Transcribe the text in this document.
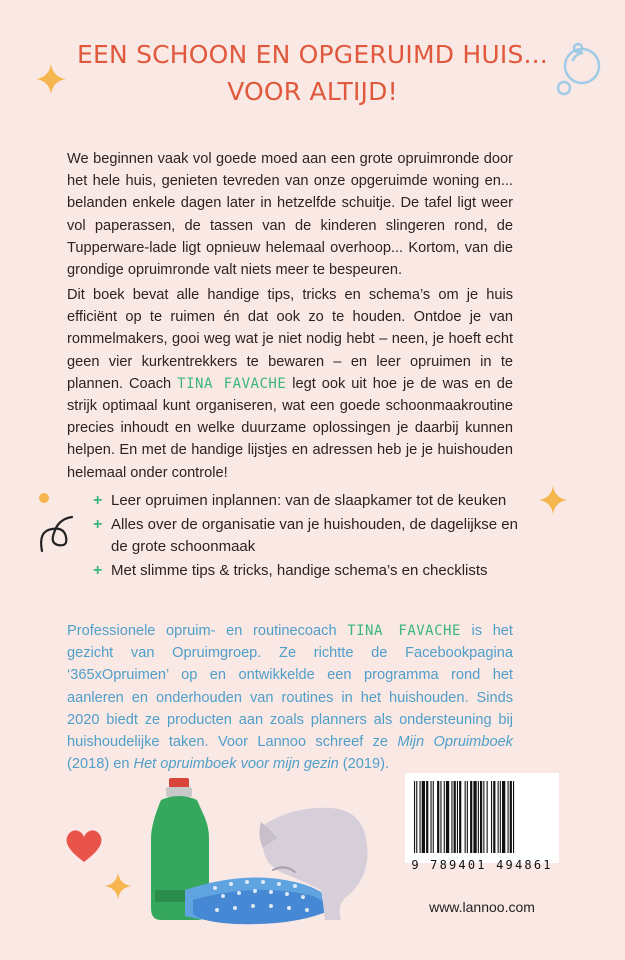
EEN SCHOON EN OPGERUIMD HUIS...
VOOR ALTIJD!

We beginnen vaak vol goede moed aan een grote opruimronde door het hele huis, genieten tevreden van onze opgeruimde woning en... belanden enkele dagen later in hetzelfde schuitje. De tafel ligt weer vol paperassen, de tassen van de kinderen slingeren rond, de Tupperware-lade ligt opnieuw helemaal overhoop... Kortom, van die grondige opruimronde valt niets meer te bespeuren.

Dit boek bevat alle handige tips, tricks en schema’s om je huis efficiënt op te ruimen én dat ook zo te houden. Ontdoe je van rommelmakers, gooi weg wat je niet nodig hebt – neen, je hoeft echt geen vier kurkentrekkers te bewaren – en leer opruimen in te plannen. Coach TINA FAVACHE legt ook uit hoe je de was en de strijk optimaal kunt organiseren, wat een goede schoonmaakroutine precies inhoudt en welke duurzame oplossingen je daarbij kunnen helpen. En met de handige lijstjes en adressen heb je je huishouden helemaal onder controle!

+ Leer opruimen inplannen: van de slaapkamer tot de keuken
+ Alles over de organisatie van je huishouden, de dagelijkse en de grote schoonmaak
+ Met slimme tips & tricks, handige schema’s en checklists

Professionele opruim- en routinecoach TINA FAVACHE is het gezicht van Opruimgroep. Ze richtte de Facebookpagina ‘365xOpruimen’ op en ontwikkelde een programma rond het aanleren en onderhouden van routines in het huishouden. Sinds 2020 biedt ze producten aan zoals planners als ondersteuning bij huishoudelijke taken. Voor Lannoo schreef ze Mijn Opruimboek (2018) en Het opruimboek voor mijn gezin (2019).

9 789401 494861
www.lannoo.com
